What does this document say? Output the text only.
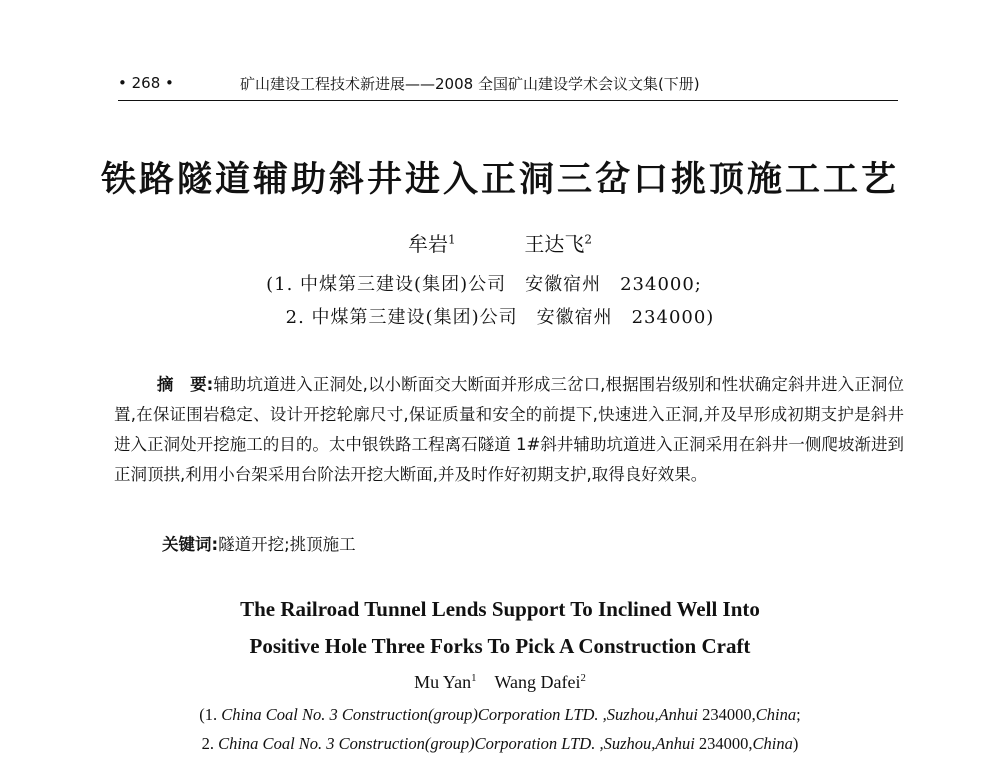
• 268 •	矿山建设工程技术新进展——2008 全国矿山建设学术会议文集(下册)
铁路隧道辅助斜井进入正洞三岔口挑顶施工工艺
牟岩$^1$	王达飞$^2$
(1. 中煤第三建设(集团)公司　安徽宿州　234000;
2. 中煤第三建设(集团)公司　安徽宿州　234000)
摘　要:辅助坑道进入正洞处,以小断面交大断面并形成三岔口,根据围岩级别和性状确定斜井进入正洞位置,在保证围岩稳定、设计开挖轮廓尺寸,保证质量和安全的前提下,快速进入正洞,并及早形成初期支护是斜井进入正洞处开挖施工的目的。太中银铁路工程离石隧道 1#斜井辅助坑道进入正洞采用在斜井一侧爬坡渐进到正洞顶拱,利用小台架采用台阶法开挖大断面,并及时作好初期支护,取得良好效果。
关键词:隧道开挖;挑顶施工
The Railroad Tunnel Lends Support To Inclined Well Into
Positive Hole Three Forks To Pick A Construction Craft
Mu Yan$^1$ Wang Dafei$^2$
(1. China Coal No. 3 Construction(group)Corporation LTD. ,Suzhou,Anhui 234000,China;
2. China Coal No. 3 Construction(group)Corporation LTD. ,Suzhou,Anhui 234000,China)
